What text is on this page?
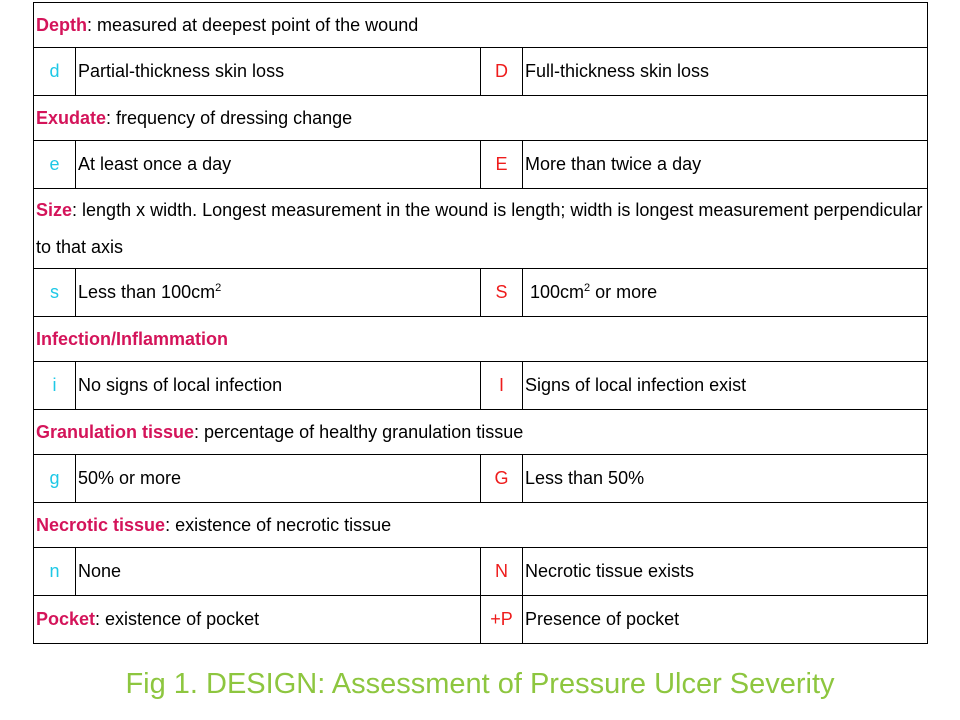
Depth: measured at deepest point of the wound			
d	Partial-thickness skin loss	D	Full-thickness skin loss
Exudate: frequency of dressing change			
e	At least once a day	E	More than twice a day
Size: length x width. Longest measurement in the wound is length; width is longest measurement perpendicular to that axis			
s	Less than $100cm^2$	S	$100cm^2$ or more
Infection/Inflammation			
i	No signs of local infection	I	Signs of local infection exist
Granulation tissue: percentage of healthy granulation tissue			
g	50% or more	G	Less than 50%
Necrotic tissue: existence of necrotic tissue			
n	None	N	Necrotic tissue exists
Pocket: existence of pocket		+P	Presence of pocket
Fig 1. DESIGN: Assessment of Pressure Ulcer Severity
